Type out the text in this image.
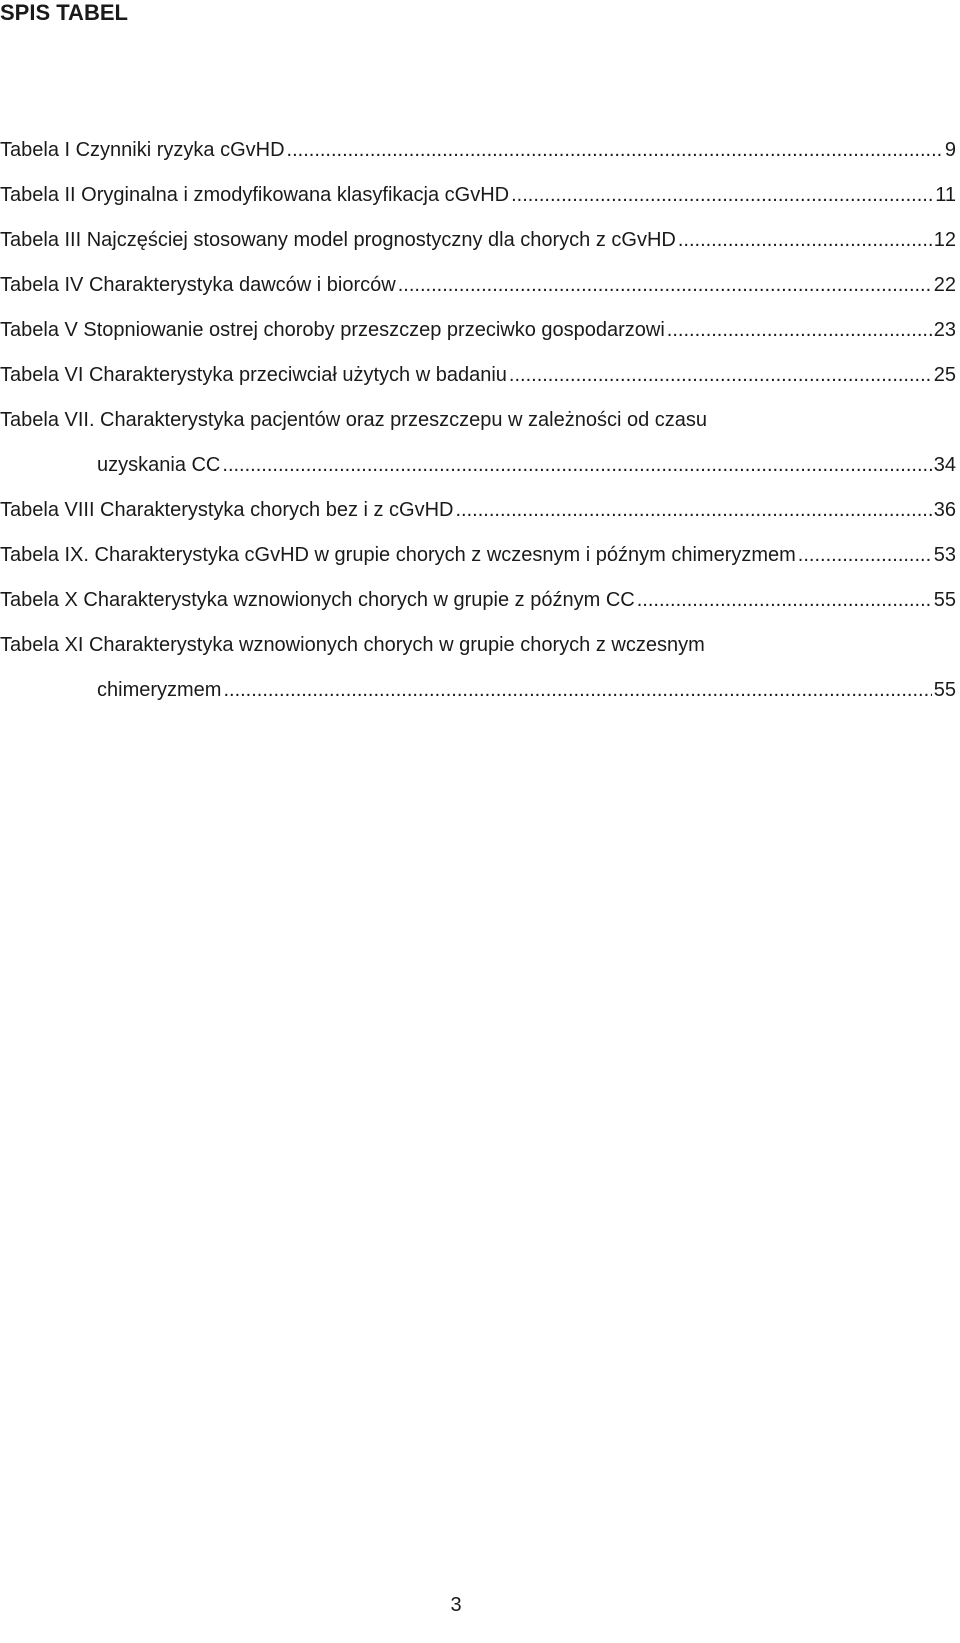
SPIS TABEL
Tabela I Czynniki ryzyka cGvHD .....	9
Tabela II Oryginalna i zmodyfikowana klasyfikacja cGvHD .....	11
Tabela III Najczęściej stosowany model prognostyczny dla chorych z cGvHD .....	12
Tabela IV Charakterystyka dawców i biorców .....	22
Tabela V Stopniowanie ostrej choroby przeszczep przeciwko gospodarzowi .....	23
Tabela VI Charakterystyka przeciwciał użytych w badaniu .....	25
Tabela VII. Charakterystyka pacjentów oraz przeszczepu w zależności od czasu
uzyskania CC .....	34
Tabela VIII Charakterystyka chorych bez i z cGvHD .....	36
Tabela IX. Charakterystyka cGvHD w grupie chorych z wczesnym i późnym chimeryzmem .....	53
Tabela X Charakterystyka wznowionych chorych w grupie z późnym CC .....	55
Tabela XI Charakterystyka wznowionych chorych w grupie chorych z wczesnym
chimeryzmem .....	55
3
